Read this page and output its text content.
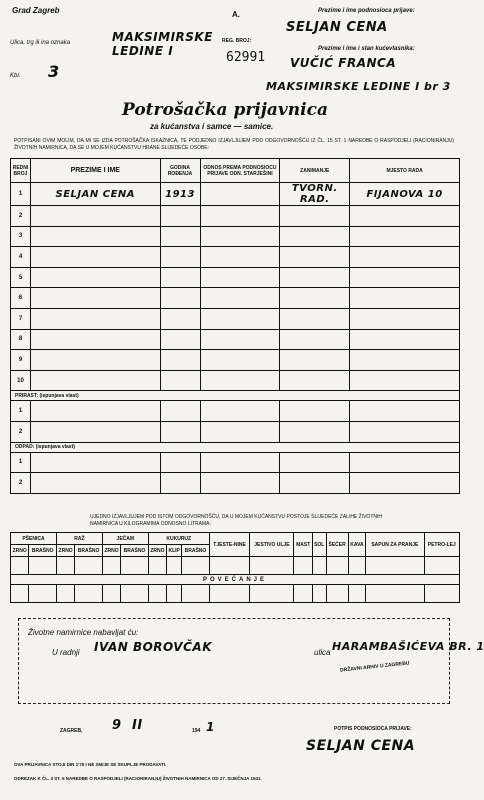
Grad Zagreb
Ulica, trg ili ina oznaka	MAKSIMIRSKE LEDINE I
Kbr. 3
A.
REG. BROJ:
62991
Prezime i ime podnosioca prijave:
SELJAN CENA
Prezime i ime i stan kućevlasnika:
VUČIĆ FRANCA
MAKSIMIRSKE LEDINE I br 3
Potrošačka prijavnica
za kućanstva i samce — samice.
POTPISANI OVIM MOLIM, DA MI SE IZDA POTROŠAČKA ISKAZNICA, TE PODJEDNO IZJAVLJUJEM POD ODGOVORNOŠĆU IZ ČL. 15 ST. 1 NAREDBE O RASPODJELI (RACIONIRANJU) ŽIVOTNIH NAMIRNICA, DA SE U MOJEM KUĆANSTVU HRANE SLIJEDEĆE OSOBE:
REDNI BROJ	PREZIME I IME	GODINA ROĐENJA	ODNOS PREMA PODNOSIOCU PRIJAVE ODN. STARJEŠINI	ZANIMANJE	MJESTO RADA
1	SELJAN CENA	1913		TVORN. RAD.	FIJANOVA 10
2					
3					
4					
5					
6					
7					
8					
9					
10					
PRIRAST: (ispunjava vlast)					
1					
2					
ODPAD: (ispunjava vlast)					
1					
2					
UJEDNO IZJAVLJUJEM POD ISTOM ODGOVORNOŠĆU, DA U MOJEM KUĆANSTVU POSTOJE SLIJEDEĆE ZALIHE ŽIVOTNIH NAMIRNICA U KILOGRAMIMA ODNOSNO LITRAMA:
PŠENICA		RAŽ		JEČAM		KUKURUZ			TJESTE-NINE	JESTIVO ULJE	MAST	SOL	ŠEĆER	KAVA	SAPUN ZA PRANJE	PETRO-LEJ
ZRNO	BRAŠNO	ZRNO	BRAŠNO	ZRNO	BRAŠNO	ZRNO	KLIP	BRAŠNO								

POVEĆANJE																

Životne namirnice nabavljat ću:
U radnji IVAN BOROVČAK	ulica HARAMBAŠIĆEVA BR. 1
DRŽAVNI ARHIV U ZAGREBU
ZAGREB, 9 II	194 1	POTPIS PODNOSIOCA PRIJAVE:
SELJAN CENA
OVA PRIJAVNICA STOJI DIN 1'75 I NE SMIJE SE SKUPLJE PRODAVATI.
ODREZAK K ČL. 3 ST. 5 NAREDBE O RASPODJELI (RACIONIRANJU) ŽIVOTNIH NAMIRNICA OD 27. SIJEČNJA 1941.
